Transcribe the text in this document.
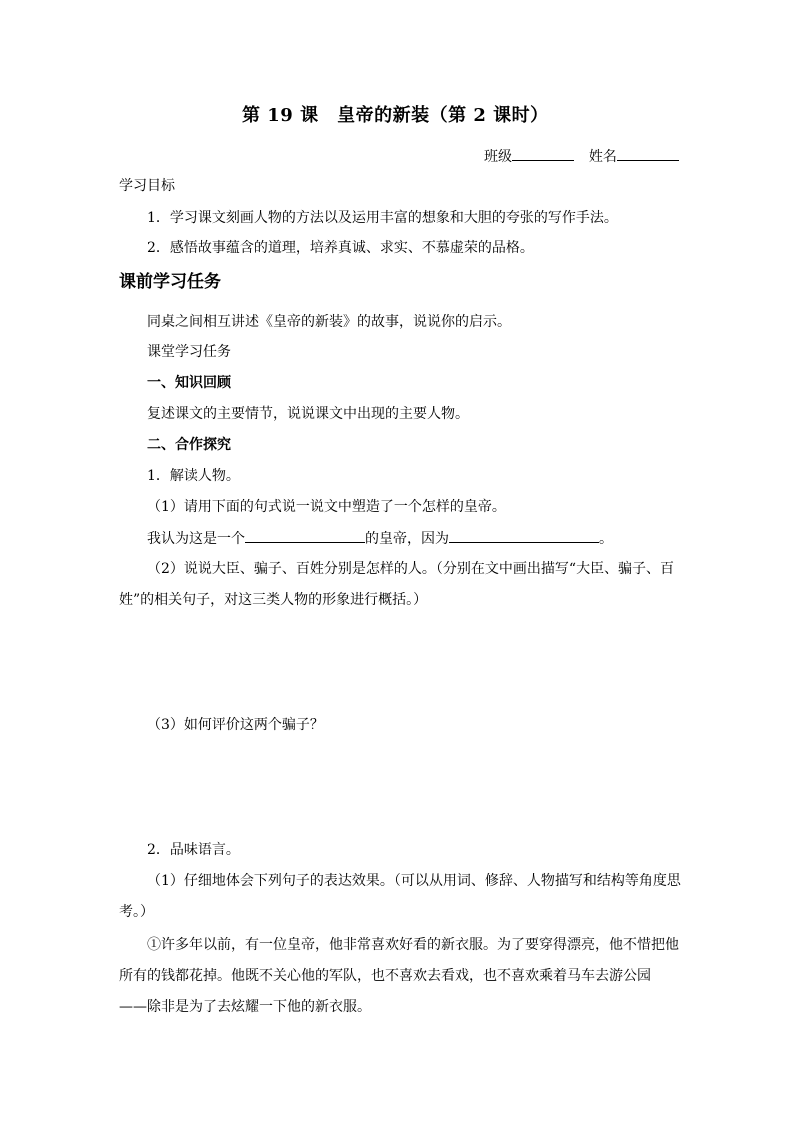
第 19 课　皇帝的新装（第 2 课时）
班级	姓名
学习目标
1．学习课文刻画人物的方法以及运用丰富的想象和大胆的夸张的写作手法。
2．感悟故事蕴含的道理，培养真诚、求实、不慕虚荣的品格。
课前学习任务
同桌之间相互讲述《皇帝的新装》的故事，说说你的启示。
课堂学习任务
一、知识回顾
复述课文的主要情节，说说课文中出现的主要人物。
二、合作探究
1．解读人物。
（1）请用下面的句式说一说文中塑造了一个怎样的皇帝。
我认为这是一个	的皇帝，因为	。
（2）说说大臣、骗子、百姓分别是怎样的人。（分别在文中画出描写“大臣、骗子、百
姓”的相关句子，对这三类人物的形象进行概括。）
（3）如何评价这两个骗子？
2．品味语言。
（1）仔细地体会下列句子的表达效果。（可以从用词、修辞、人物描写和结构等角度思
考。）
①许多年以前，有一位皇帝，他非常喜欢好看的新衣服。为了要穿得漂亮，他不惜把他
所有的钱都花掉。他既不关心他的军队，也不喜欢去看戏，也不喜欢乘着马车去游公园
——除非是为了去炫耀一下他的新衣服。
